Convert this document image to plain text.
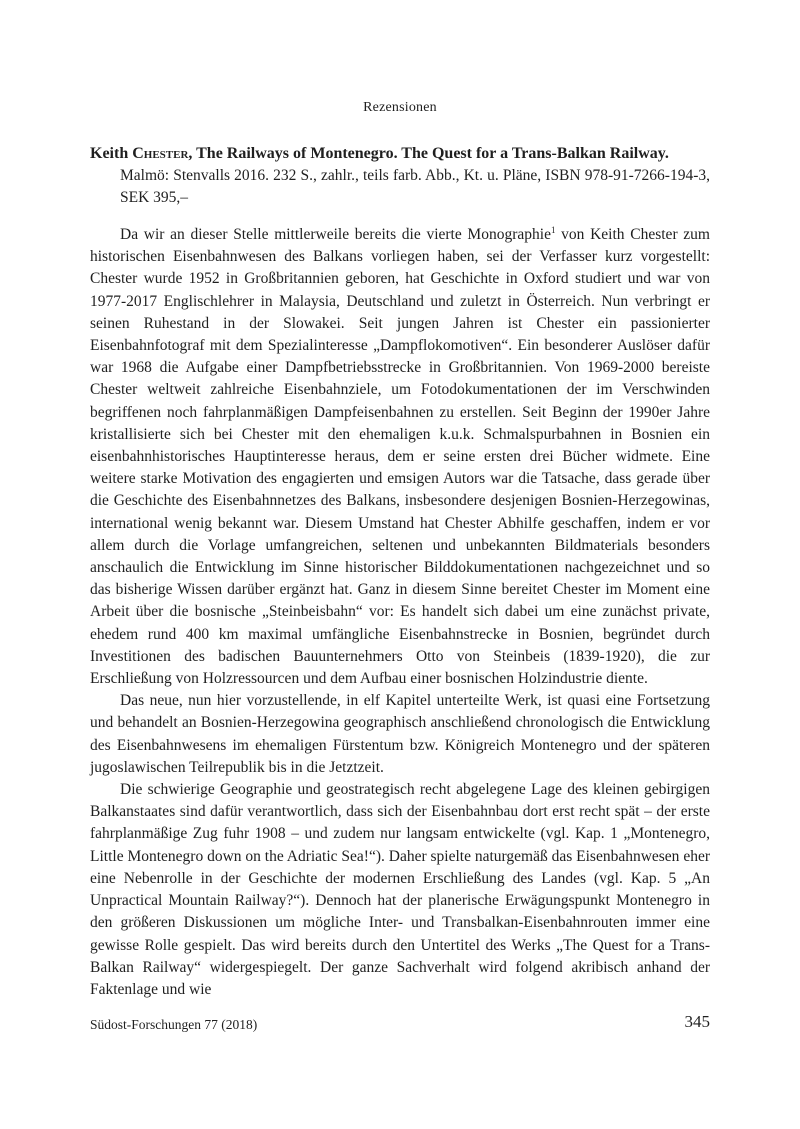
Rezensionen
Keith Chester, The Railways of Montenegro. The Quest for a Trans-Balkan Railway.
Malmö: Stenvalls 2016. 232 S., zahlr., teils farb. Abb., Kt. u. Pläne, ISBN 978-91-7266-194-3, SEK 395,–

Da wir an dieser Stelle mittlerweile bereits die vierte Monographie$^1$ von Keith Chester zum historischen Eisenbahnwesen des Balkans vorliegen haben, sei der Verfasser kurz vorgestellt: Chester wurde 1952 in Großbritannien geboren, hat Geschichte in Oxford studiert und war von 1977-2017 Englischlehrer in Malaysia, Deutschland und zuletzt in Österreich. Nun verbringt er seinen Ruhestand in der Slowakei. Seit jungen Jahren ist Chester ein passionierter Eisenbahnfotograf mit dem Spezialinteresse „Dampflokomotiven“. Ein besonderer Auslöser dafür war 1968 die Aufgabe einer Dampfbetriebsstrecke in Großbritannien. Von 1969-2000 bereiste Chester weltweit zahlreiche Eisenbahnziele, um Fotodokumentationen der im Verschwinden begriffenen noch fahrplanmäßigen Dampfeisenbahnen zu erstellen. Seit Beginn der 1990er Jahre kristallisierte sich bei Chester mit den ehemaligen k.u.k. Schmalspurbahnen in Bosnien ein eisenbahnhistorisches Hauptinteresse heraus, dem er seine ersten drei Bücher widmete. Eine weitere starke Motivation des engagierten und emsigen Autors war die Tatsache, dass gerade über die Geschichte des Eisenbahnnetzes des Balkans, insbesondere desjenigen Bosnien-Herzegowinas, international wenig bekannt war. Diesem Umstand hat Chester Abhilfe geschaffen, indem er vor allem durch die Vorlage umfangreichen, seltenen und unbekannten Bildmaterials besonders anschaulich die Entwicklung im Sinne historischer Bilddokumentationen nachgezeichnet und so das bisherige Wissen darüber ergänzt hat. Ganz in diesem Sinne bereitet Chester im Moment eine Arbeit über die bosnische „Steinbeisbahn“ vor: Es handelt sich dabei um eine zunächst private, ehedem rund 400 km maximal umfängliche Eisenbahnstrecke in Bosnien, begründet durch Investitionen des badischen Bauunternehmers Otto von Steinbeis (1839-1920), die zur Erschließung von Holzressourcen und dem Aufbau einer bosnischen Holzindustrie diente.

Das neue, nun hier vorzustellende, in elf Kapitel unterteilte Werk, ist quasi eine Fortsetzung und behandelt an Bosnien-Herzegowina geographisch anschließend chronologisch die Entwicklung des Eisenbahnwesens im ehemaligen Fürstentum bzw. Königreich Montenegro und der späteren jugoslawischen Teilrepublik bis in die Jetztzeit.

Die schwierige Geographie und geostrategisch recht abgelegene Lage des kleinen gebirgigen Balkanstaates sind dafür verantwortlich, dass sich der Eisenbahnbau dort erst recht spät – der erste fahrplanmäßige Zug fuhr 1908 – und zudem nur langsam entwickelte (vgl. Kap. 1 „Montenegro, Little Montenegro down on the Adriatic Sea!“). Daher spielte naturgemäß das Eisenbahnwesen eher eine Nebenrolle in der Geschichte der modernen Erschließung des Landes (vgl. Kap. 5 „An Unpractical Mountain Railway?“). Dennoch hat der planerische Erwägungspunkt Montenegro in den größeren Diskussionen um mögliche Inter- und Transbalkan-Eisenbahnrouten immer eine gewisse Rolle gespielt. Das wird bereits durch den Untertitel des Werks „The Quest for a Trans-Balkan Railway“ widergespiegelt. Der ganze Sachverhalt wird folgend akribisch anhand der Faktenlage und wie

Südost-Forschungen 77 (2018)	345
